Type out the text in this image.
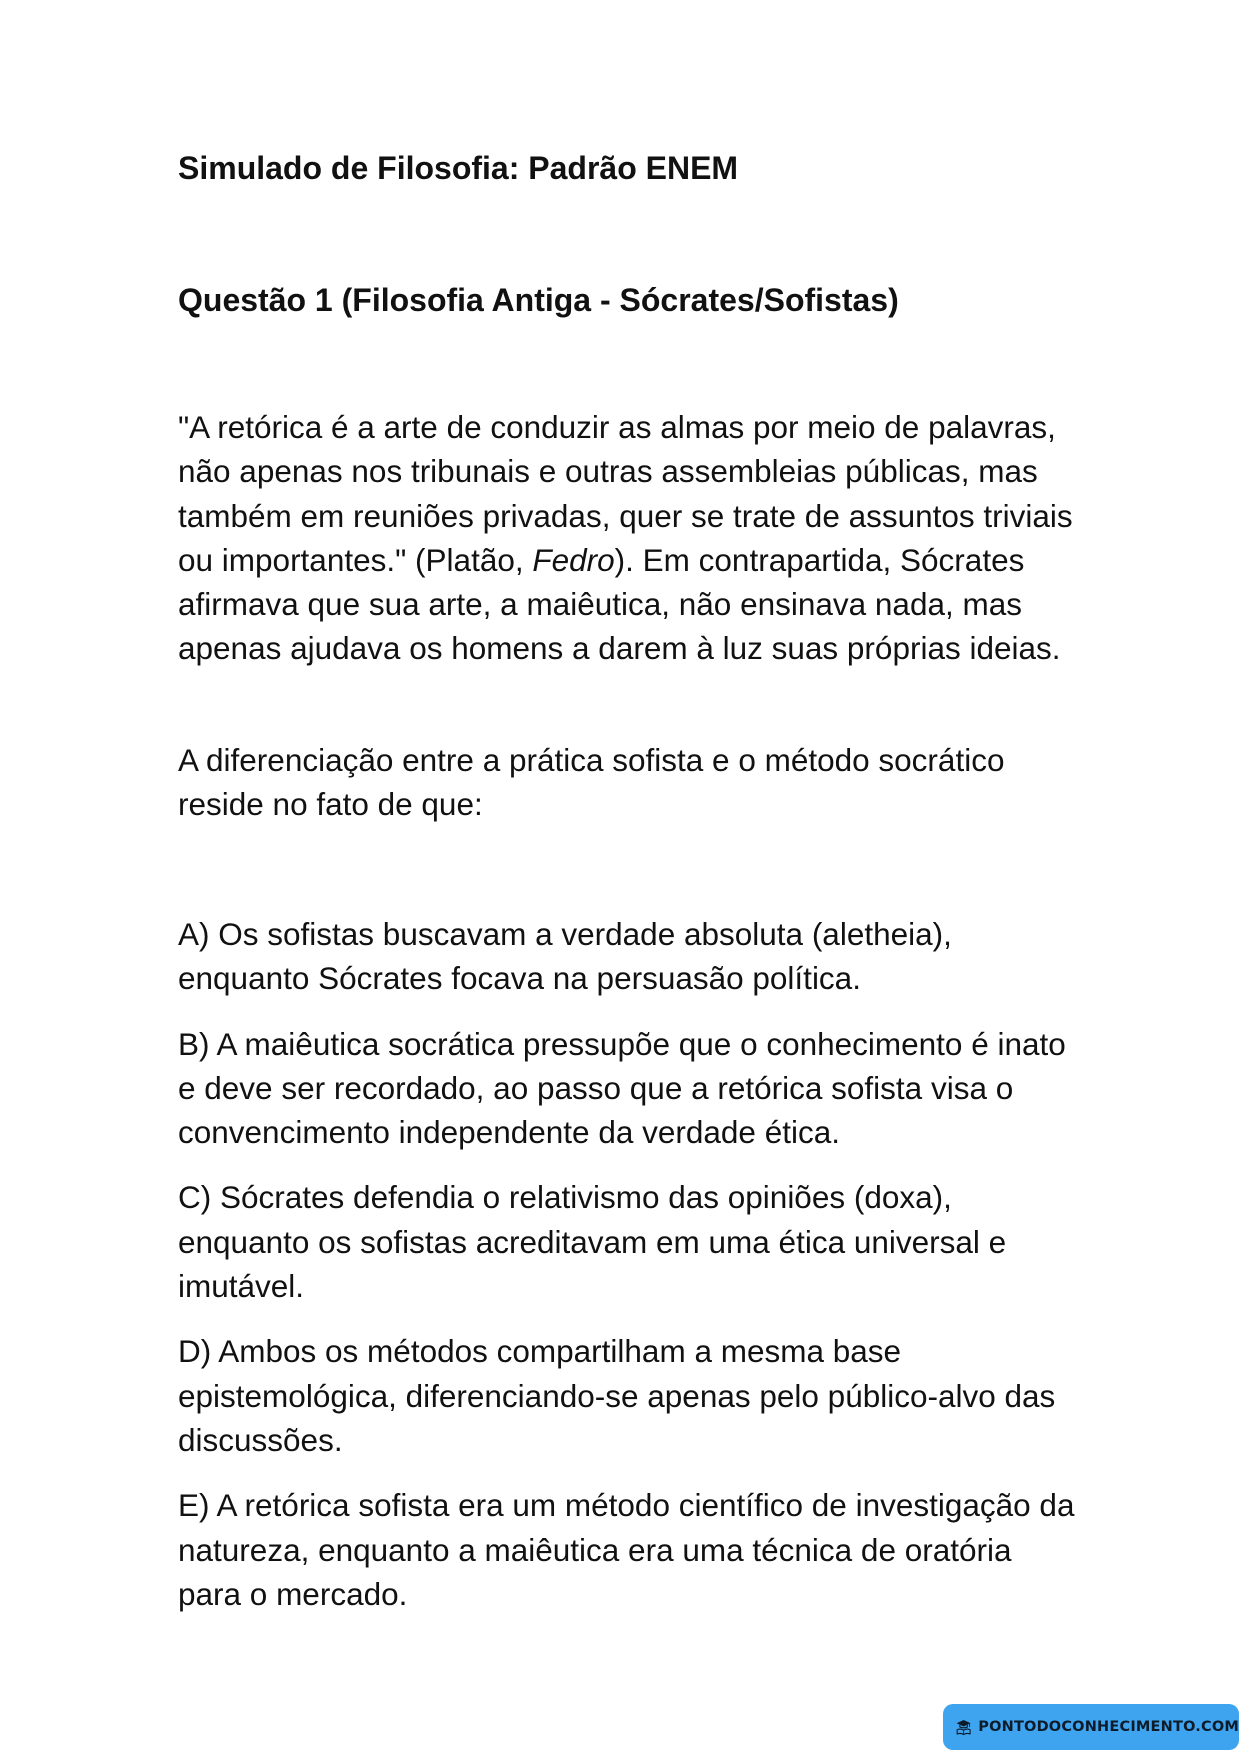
Simulado de Filosofia: Padrão ENEM
Questão 1 (Filosofia Antiga - Sócrates/Sofistas)

"A retórica é a arte de conduzir as almas por meio de palavras, não apenas nos tribunais e outras assembleias públicas, mas também em reuniões privadas, quer se trate de assuntos triviais ou importantes." (Platão, Fedro). Em contrapartida, Sócrates afirmava que sua arte, a maiêutica, não ensinava nada, mas apenas ajudava os homens a darem à luz suas próprias ideias.

A diferenciação entre a prática sofista e o método socrático reside no fato de que:

A) Os sofistas buscavam a verdade absoluta (aletheia), enquanto Sócrates focava na persuasão política.

B) A maiêutica socrática pressupõe que o conhecimento é inato e deve ser recordado, ao passo que a retórica sofista visa o convencimento independente da verdade ética.

C) Sócrates defendia o relativismo das opiniões (doxa), enquanto os sofistas acreditavam em uma ética universal e imutável.

D) Ambos os métodos compartilham a mesma base epistemológica, diferenciando-se apenas pelo público-alvo das discussões.

E) A retórica sofista era um método científico de investigação da natureza, enquanto a maiêutica era uma técnica de oratória para o mercado.

PONTODOCONHECIMENTO.COM
